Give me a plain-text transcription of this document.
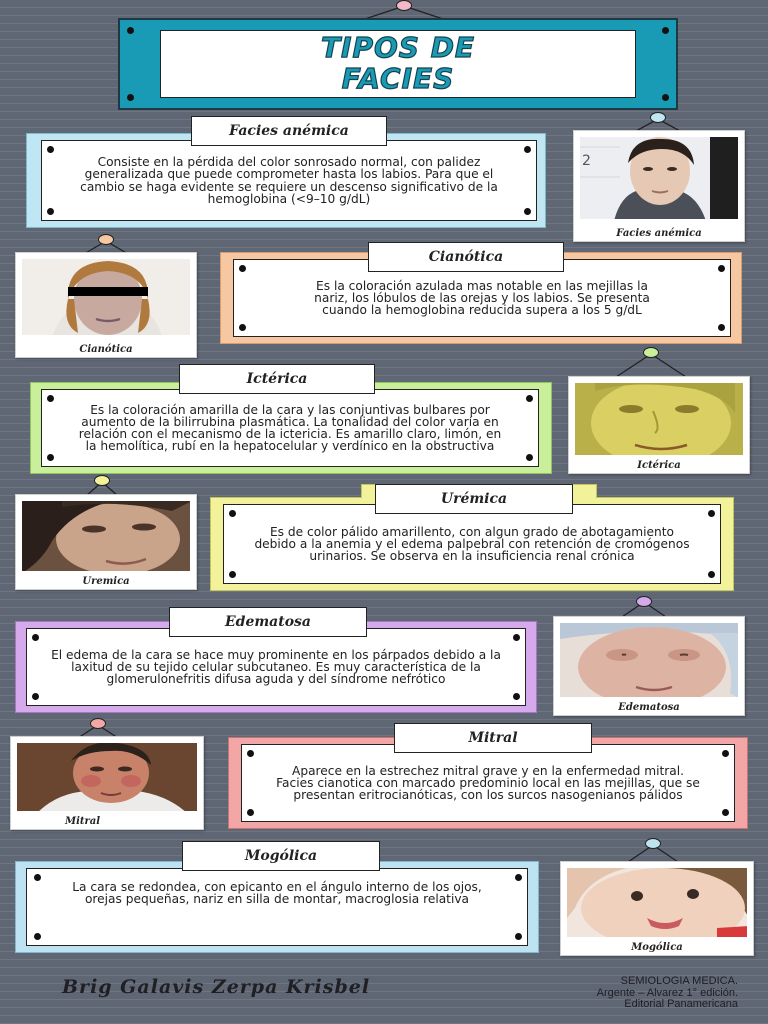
TIPOS DE
FACIES
Consiste en la pérdida del color sonrosado normal, con palidez generalizada que puede comprometer hasta los labios. Para que el cambio se haga evidente se requiere un descenso significativo de la hemoglobina (<9–10 g/dL)
Facies anémica
2
Facies anémica
Cianótica
Es la coloración azulada mas notable en las mejillas la nariz, los lóbulos de las orejas y los labios. Se presenta cuando la hemoglobina reducida supera a los 5 g/dL
Cianótica
Es la coloración amarilla de la cara y las conjuntivas bulbares por aumento de la bilirrubina plasmática. La tonalidad del color varía en relación con el mecanismo de la ictericia. Es amarillo claro, limón, en la hemolítica, rubí en la hepatocelular y verdínico en la obstructiva
Ictérica
Ictérica
Uremica
Es de color pálido amarillento, con algun grado de abotagamiento debido a la anemia y el edema palpebral con retención de cromógenos urinarios. Se observa en la insuficiencia renal crónica
Urémica
El edema de la cara se hace muy prominente en los párpados debido a la laxitud de su tejido celular subcutaneo. Es muy característica de la glomerulonefritis difusa aguda y del síndrome nefrótico
Edematosa
Edematosa
Mitral
Aparece en la estrechez mitral grave y en la enfermedad mitral. Facies cianotica con marcado predominio local en las mejillas, que se presentan eritrocianóticas, con los surcos nasogenianos pálidos
Mitral
La cara se redondea, con epicanto en el ángulo interno de los ojos, orejas pequeñas, nariz en silla de montar, macroglosia relativa
Mogólica
Mogólica
Brig Galavis Zerpa Krisbel	SEMIOLOGIA MEDICA.
Argente – Alvarez 1° edición.
Editorial Panamericana
